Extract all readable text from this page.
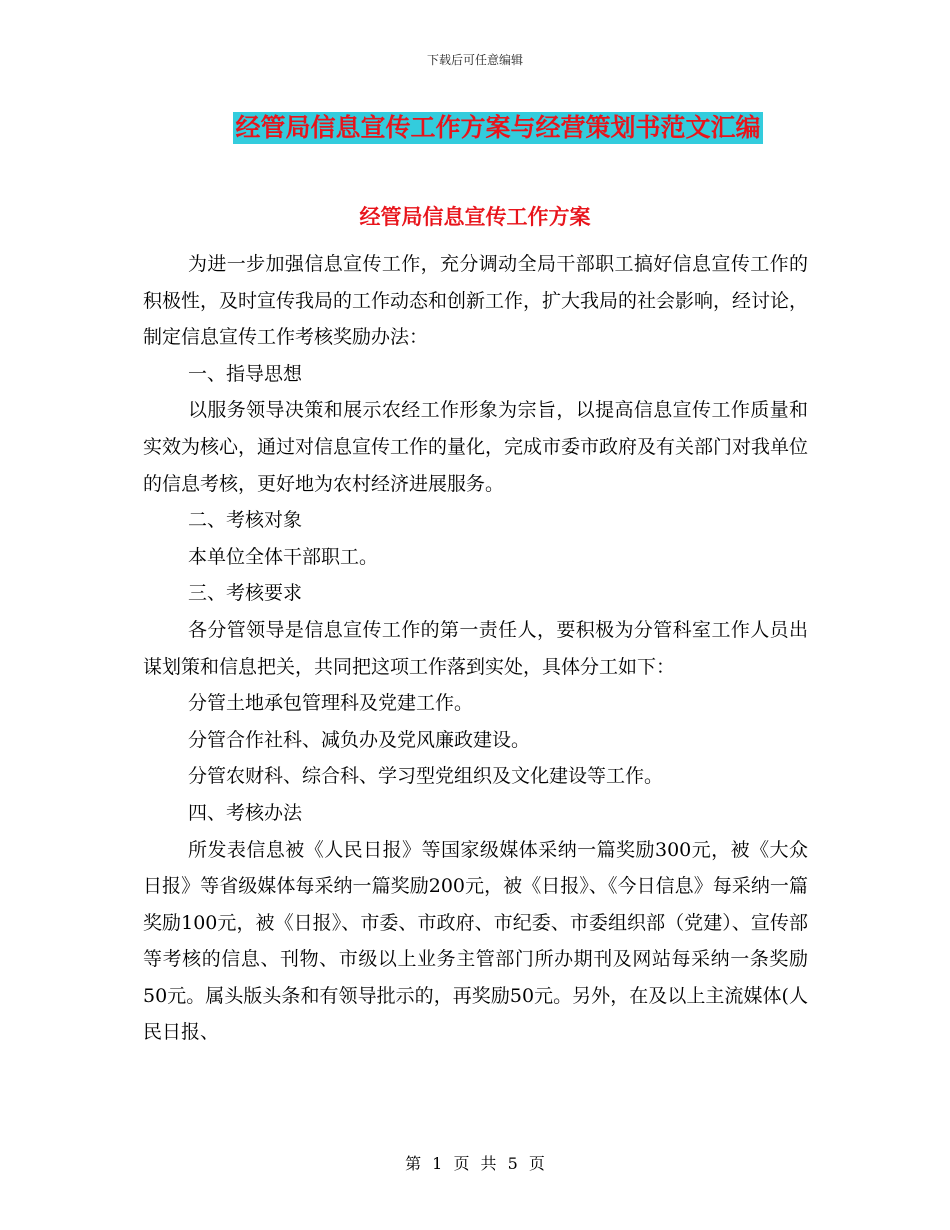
下载后可任意编辑
经管局信息宣传工作方案与经营策划书范文汇编
经管局信息宣传工作方案

为进一步加强信息宣传工作，充分调动全局干部职工搞好信息宣传工作的积极性，及时宣传我局的工作动态和创新工作，扩大我局的社会影响，经讨论，制定信息宣传工作考核奖励办法：

一、指导思想

以服务领导决策和展示农经工作形象为宗旨，以提高信息宣传工作质量和实效为核心，通过对信息宣传工作的量化，完成市委市政府及有关部门对我单位的信息考核，更好地为农村经济进展服务。

二、考核对象

本单位全体干部职工。

三、考核要求

各分管领导是信息宣传工作的第一责任人，要积极为分管科室工作人员出谋划策和信息把关，共同把这项工作落到实处，具体分工如下：

分管土地承包管理科及党建工作。

分管合作社科、减负办及党风廉政建设。

分管农财科、综合科、学习型党组织及文化建设等工作。

四、考核办法

所发表信息被《人民日报》等国家级媒体采纳一篇奖励300元，被《大众日报》等省级媒体每采纳一篇奖励200元，被《日报》、《今日信息》每采纳一篇奖励100元，被《日报》、市委、市政府、市纪委、市委组织部（党建）、宣传部等考核的信息、刊物、市级以上业务主管部门所办期刊及网站每采纳一条奖励50元。属头版头条和有领导批示的，再奖励50元。另外，在及以上主流媒体(人民日报、

第 1 页 共 5 页
